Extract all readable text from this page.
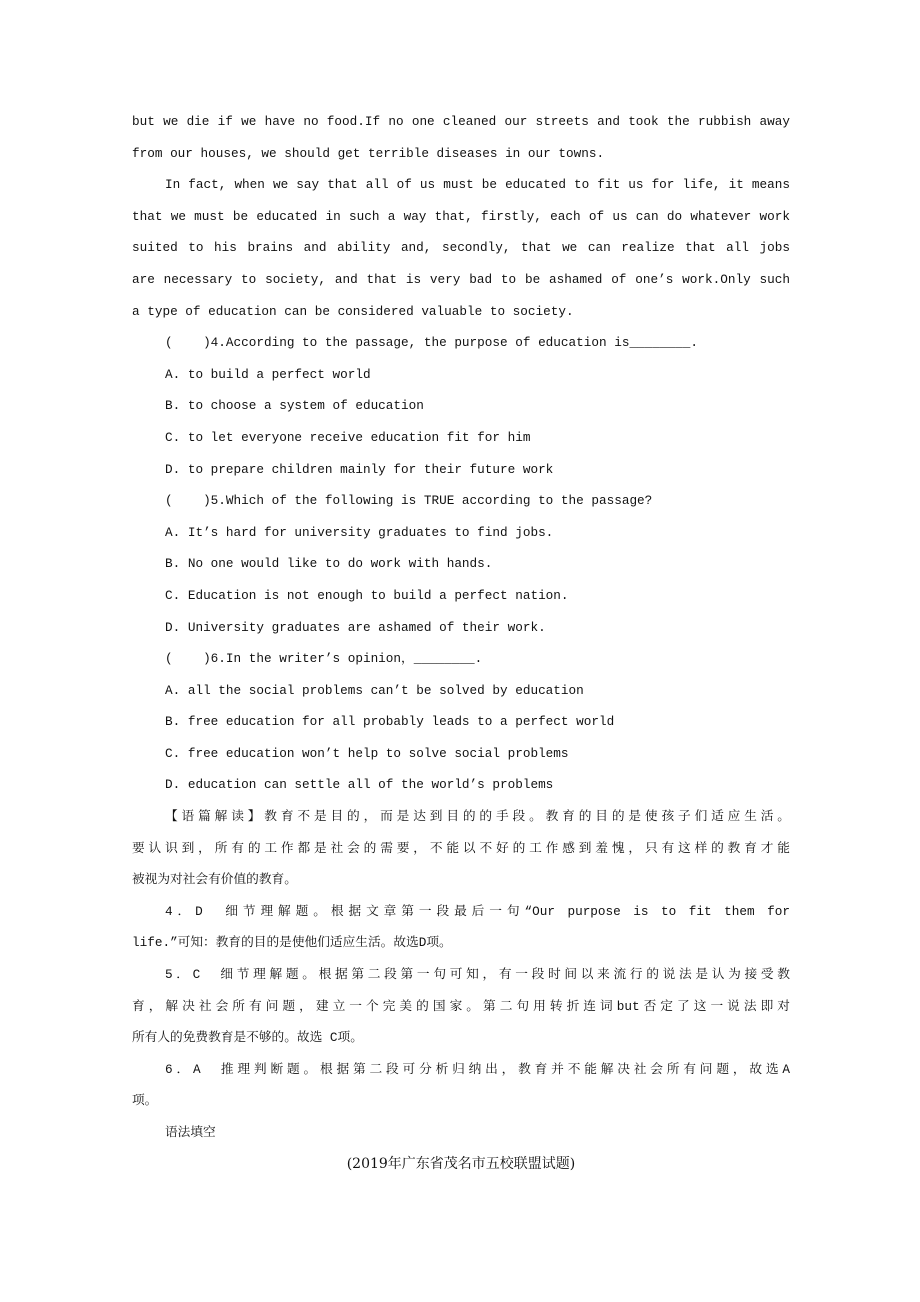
but we die if we have no food.If no one cleaned our streets and took the rubbish away
from our houses, we should get terrible diseases in our towns.
In fact, when we say that all of us must be educated to fit us for life, it means
that we must be educated in such a way that, firstly, each of us can do whatever work
suited to his brains and ability and, secondly, that we can realize that all jobs
are necessary to society, and that is very bad to be ashamed of one’s work.Only such
a type of education can be considered valuable to society.
(    )4.According to the passage, the purpose of education is________.
A. to build a perfect world
B. to choose a system of education
C. to let everyone receive education fit for him
D. to prepare children mainly for their future work
(    )5.Which of the following is TRUE according to the passage?
A. It’s hard for university graduates to find jobs.
B. No one would like to do work with hands.
C. Education is not enough to build a perfect nation.
D. University graduates are ashamed of their work.
(    )6.In the writer’s opinion，________.
A. all the social problems can’t be solved by education
B. free education for all probably leads to a perfect world
C. free education won’t help to solve social problems
D. education can settle all of the world’s problems
【语篇解读】教育不是目的，而是达到目的的手段。教育的目的是使孩子们适应生活。
要认识到，所有的工作都是社会的需要，不能以不好的工作感到羞愧，只有这样的教育才能
被视为对社会有价值的教育。
4．D　细节理解题。根据文章第一段最后一句“Our purpose is to fit them for
life.”可知：教育的目的是使他们适应生活。故选D项。
5．C　细节理解题。根据第二段第一句可知，有一段时间以来流行的说法是认为接受教
育，解决社会所有问题，建立一个完美的国家。第二句用转折连词but否定了这一说法即对
所有人的免费教育是不够的。故选 C项。
6．A　推理判断题。根据第二段可分析归纳出，教育并不能解决社会所有问题，故选A
项。
语法填空
(2019年广东省茂名市五校联盟试题)
